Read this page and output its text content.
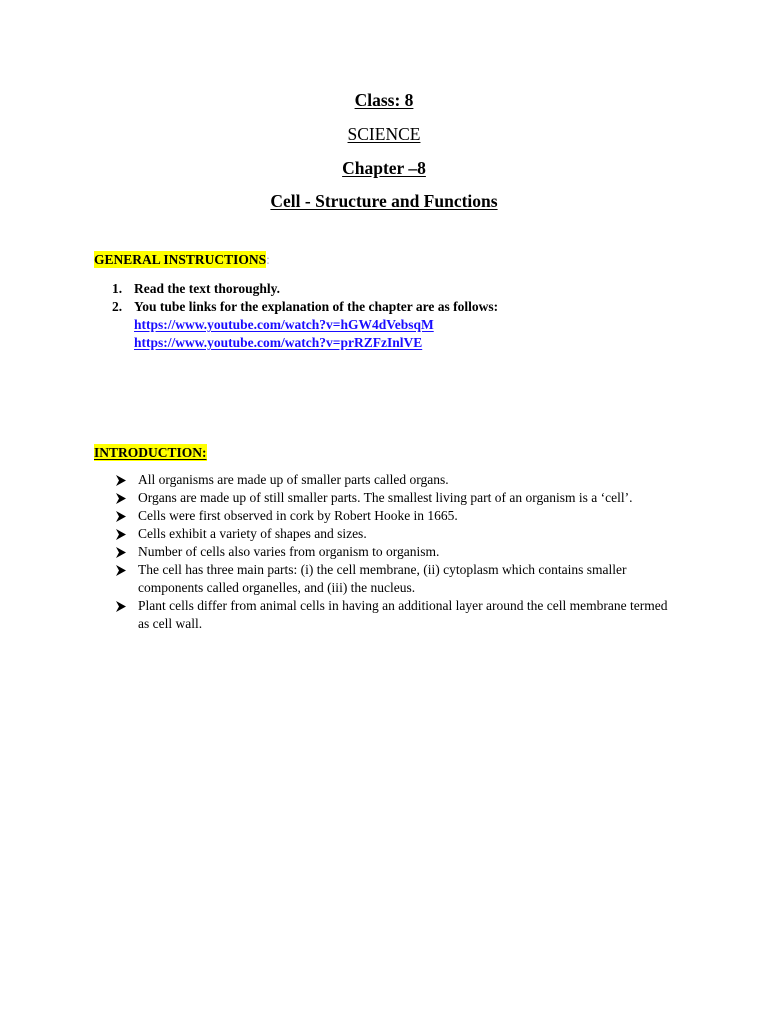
Class: 8
SCIENCE
Chapter –8
Cell - Structure and Functions
GENERAL INSTRUCTIONS:
1. Read the text thoroughly.
2. You tube links for the explanation of the chapter are as follows:
https://www.youtube.com/watch?v=hGW4dVebsqM
https://www.youtube.com/watch?v=prRZFzInlVE
INTRODUCTION:
All organisms are made up of smaller parts called organs.
Organs are made up of still smaller parts. The smallest living part of an organism is a ‘cell’.
Cells were first observed in cork by Robert Hooke in 1665.
Cells exhibit a variety of shapes and sizes.
Number of cells also varies from organism to organism.
The cell has three main parts: (i) the cell membrane, (ii) cytoplasm which contains smaller components called organelles, and (iii) the nucleus.
Plant cells differ from animal cells in having an additional layer around the cell membrane termed as cell wall.
